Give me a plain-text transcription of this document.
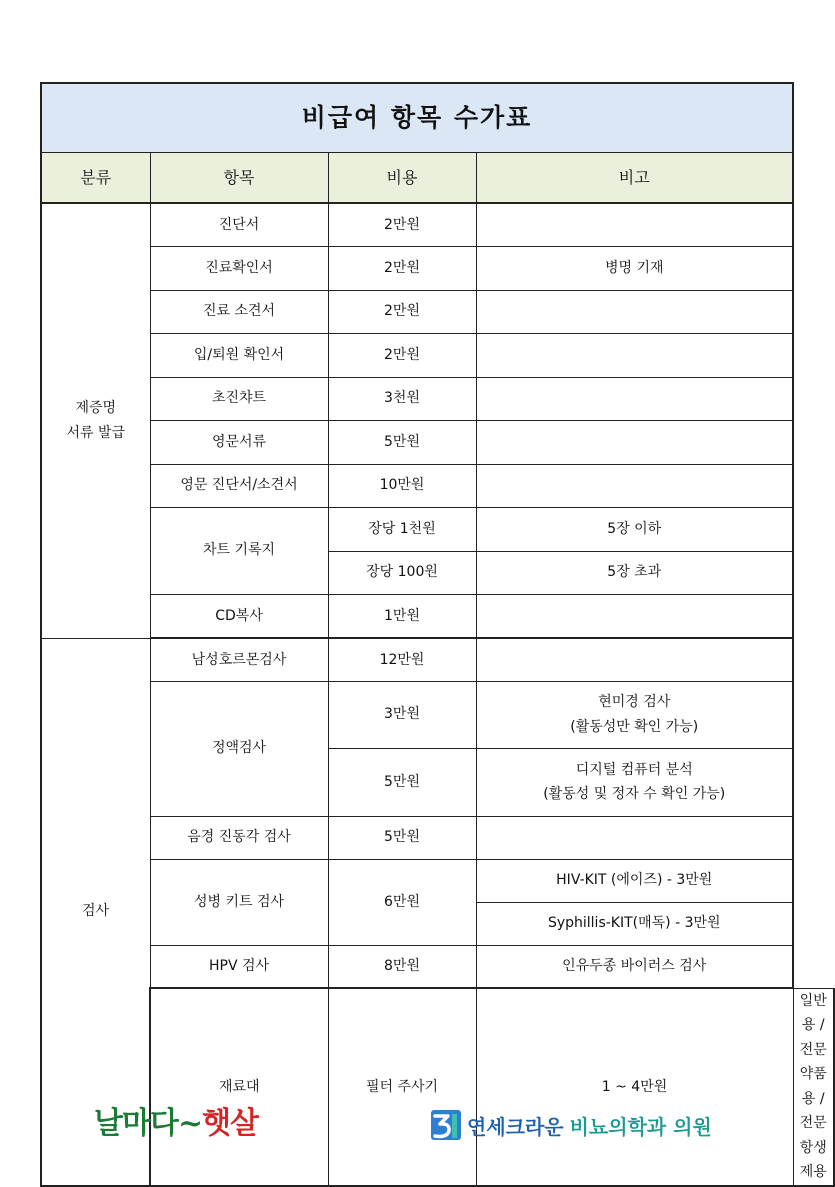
비급여 항목 수가표				
분류	항목	비용	비고	

제증명
서류 발급	진단서	2만원		
	진료확인서	2만원	병명 기재	
	진료 소견서	2만원		
	입/퇴원 확인서	2만원		
	초진챠트	3천원		
	영문서류	5만원		
	영문 진단서/소견서	10만원		
	차트 기록지	장당 1천원	5장 이하	
		장당 100원	5장 초과	
	CD복사	1만원		
검사	남성호르몬검사	12만원		
	정액검사	3만원	현미경 검사
(활동성만 확인 가능)	

		5만원	디지털 컴퓨터 분석
(활동성 및 정자 수 확인 가능)	

	음경 진동각 검사	5만원		
	성병 키트 검사	6만원	HIV-KIT (에이즈) - 3만원	
			Syphillis-KIT(매독) - 3만원	
	HPV 검사	8만원	인유두종 바이러스 검사	
	재료대	필터 주사기	1 ~ 4만원	일반용 / 전문약품용 / 전문 항생제용
날마다~햇살	연세크라운 비뇨의학과 의원
